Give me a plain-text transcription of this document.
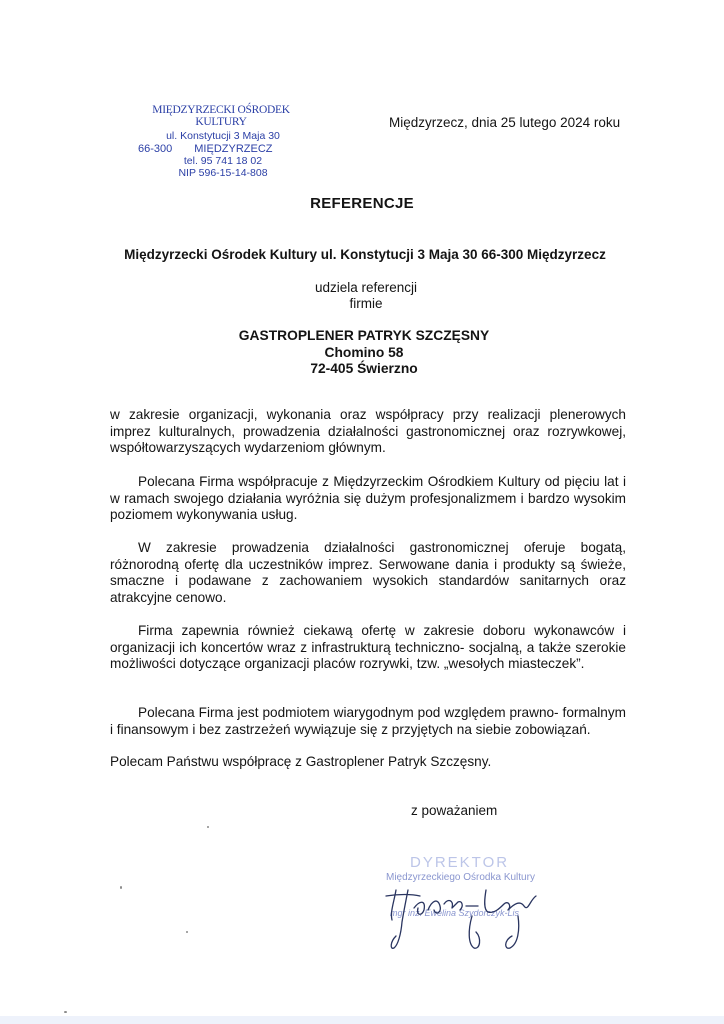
MIĘDZYRZECKI OŚRODEK KULTURY
ul. Konstytucji 3 Maja 30
66-300 MIĘDZYRZECZ
tel. 95 741 18 02
NIP 596-15-14-808
Międzyrzecz, dnia 25 lutego 2024 roku
REFERENCJE
Międzyrzecki Ośrodek Kultury ul. Konstytucji 3 Maja 30 66-300 Międzyrzecz
udziela referencji
firmie
GASTROPLENER PATRYK SZCZĘSNY
Chomino 58
72-405 Świerzno
w zakresie organizacji, wykonania oraz współpracy przy realizacji plenerowych imprez kulturalnych, prowadzenia działalności gastronomicznej oraz rozrywkowej, współtowarzyszących wydarzeniom głównym.
Polecana Firma współpracuje z Międzyrzeckim Ośrodkiem Kultury od pięciu lat i w ramach swojego działania wyróżnia się dużym profesjonalizmem i bardzo wysokim poziomem wykonywania usług.
W zakresie prowadzenia działalności gastronomicznej oferuje bogatą, różnorodną ofertę dla uczestników imprez. Serwowane dania i produkty są świeże, smaczne i podawane z zachowaniem wysokich standardów sanitarnych oraz atrakcyjne cenowo.
Firma zapewnia również ciekawą ofertę w zakresie doboru wykonawców i organizacji ich koncertów wraz z infrastrukturą techniczno- socjalną, a także szerokie możliwości dotyczące organizacji placów rozrywki, tzw. „wesołych miasteczek”.
Polecana Firma jest podmiotem wiarygodnym pod względem prawno- formalnym i finansowym i bez zastrzeżeń wywiązuje się z przyjętych na siebie zobowiązań.
Polecam Państwu współpracę z Gastroplener Patryk Szczęsny.
z poważaniem
DYREKTOR
Międzyrzeckiego Ośrodka Kultury
mgr inż. Ewelina Szydorczyk-Lis
